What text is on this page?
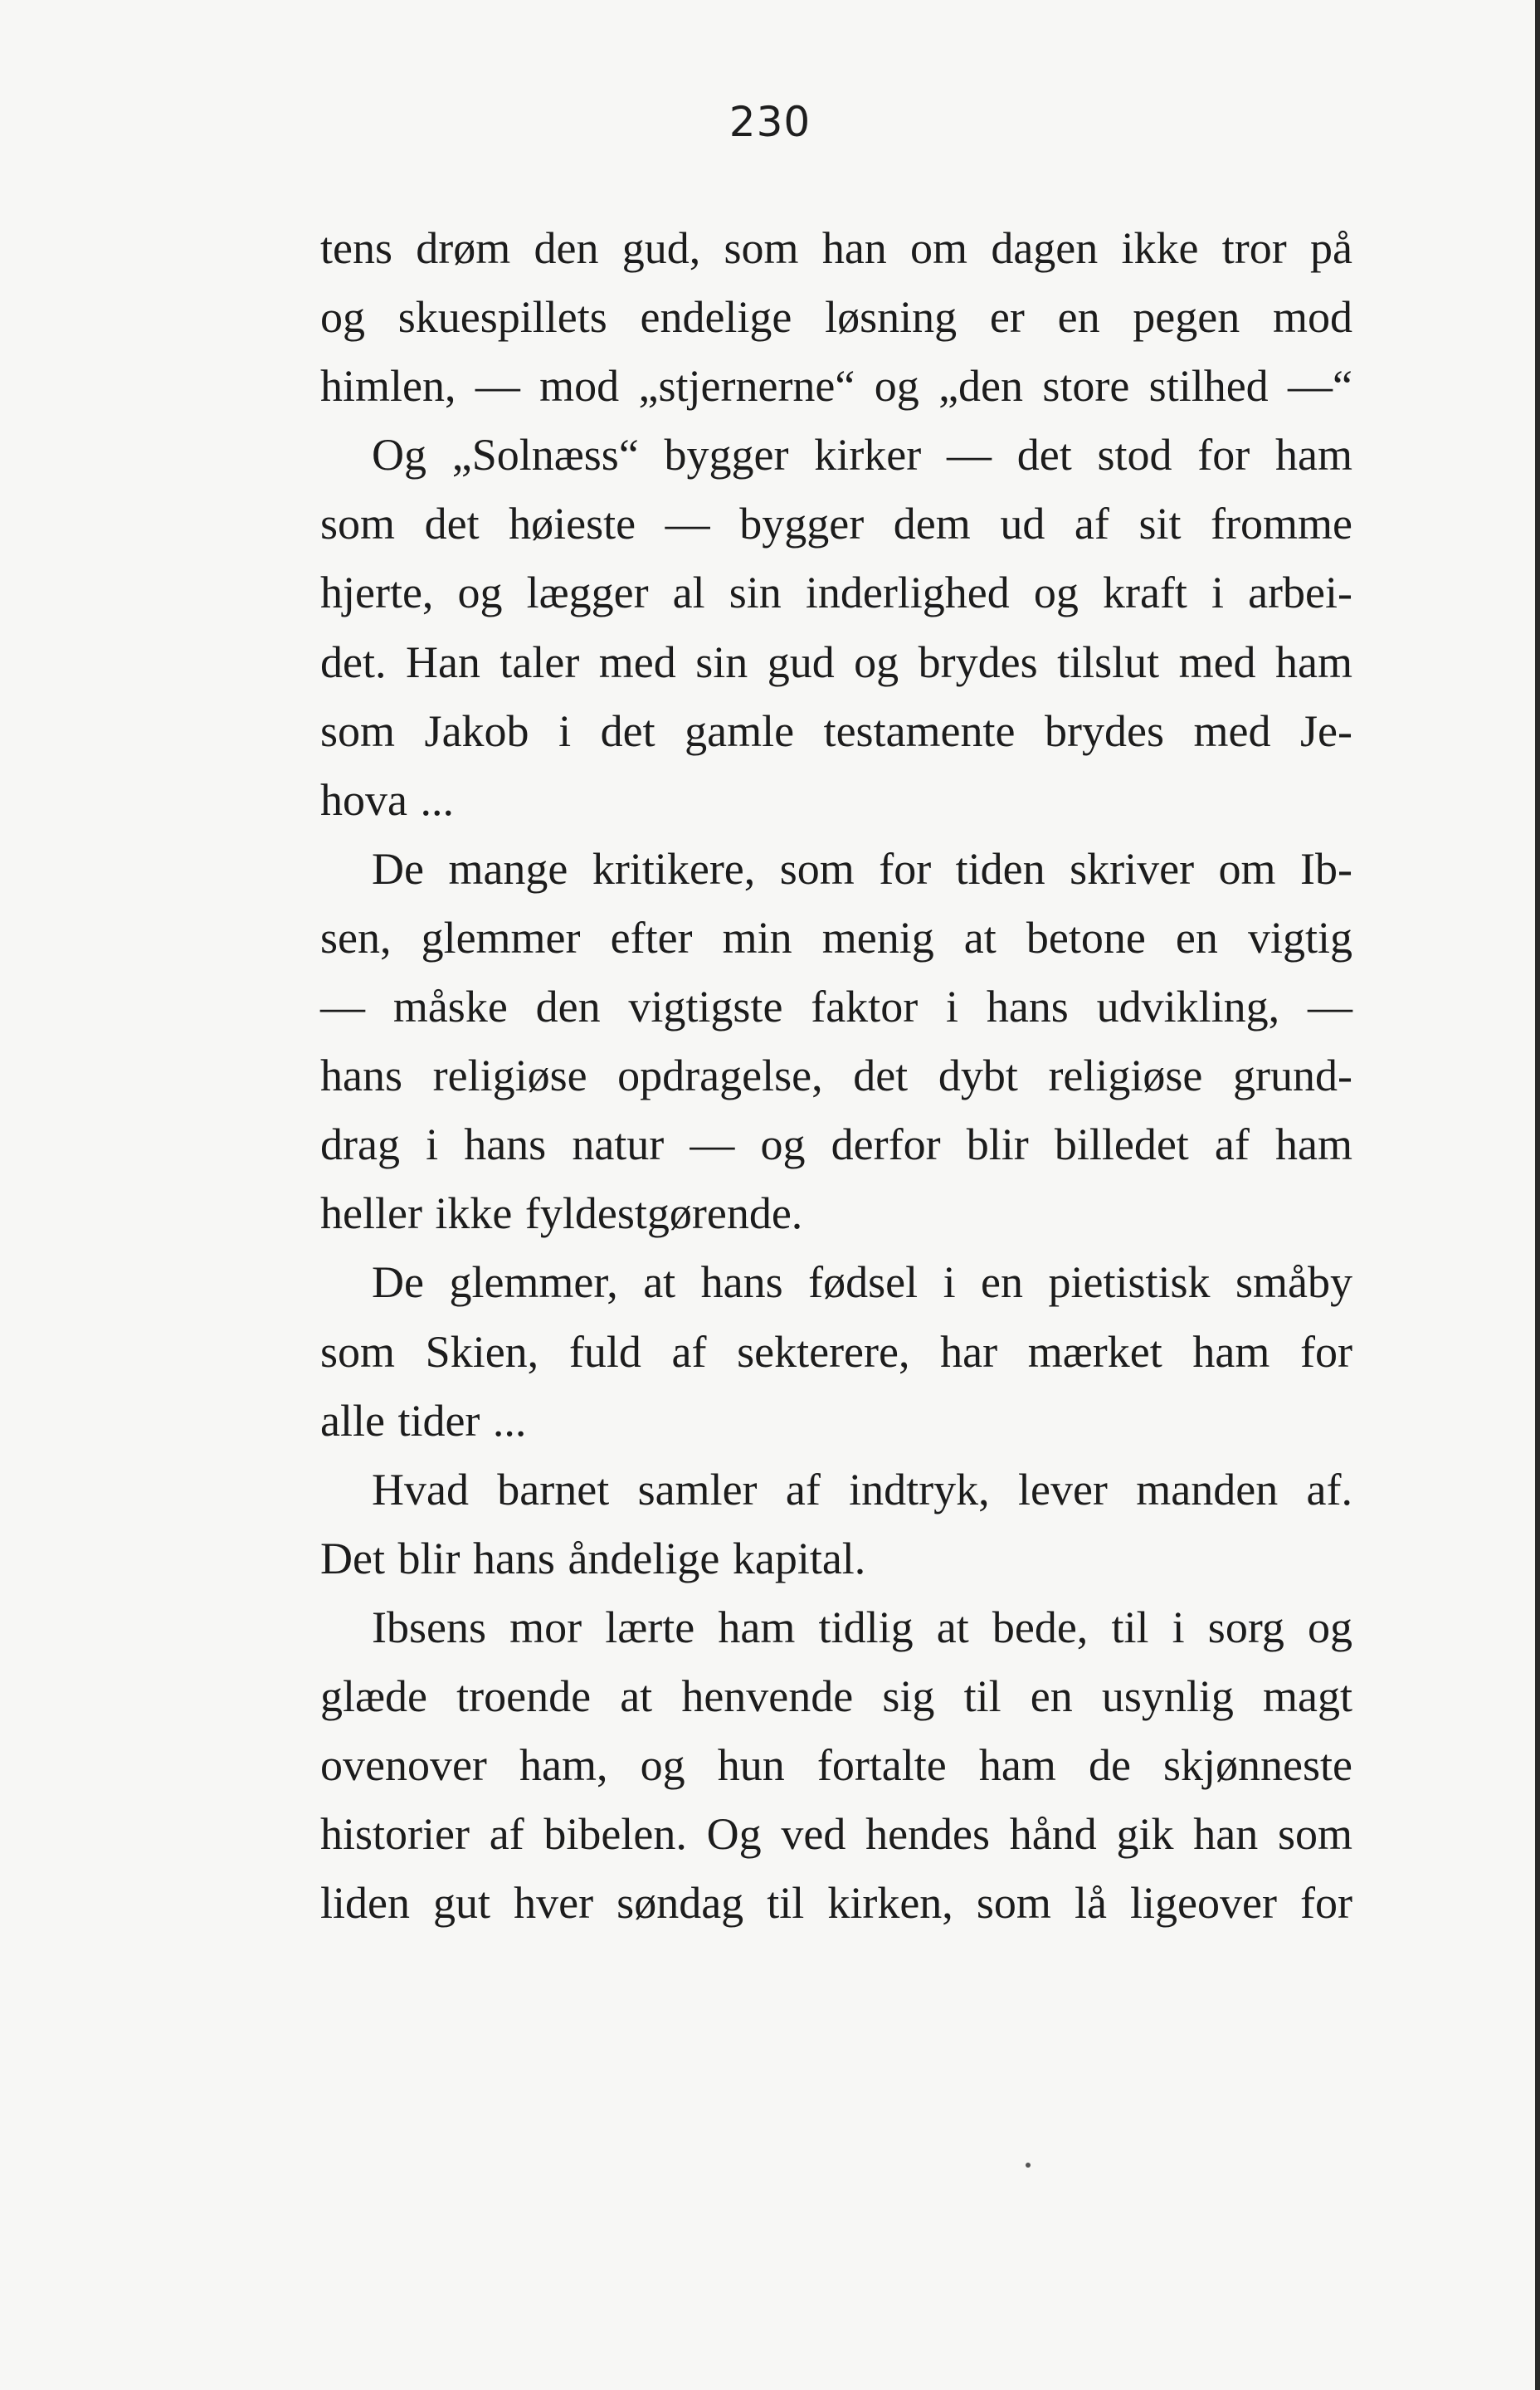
230
tens drøm den gud, som han om dagen ikke tror på
og skuespillets endelige løsning er en pegen mod
himlen, — mod „stjernerne“ og „den store stilhed —“
Og „Solnæss“ bygger kirker — det stod for ham
som det høieste — bygger dem ud af sit fromme
hjerte, og lægger al sin inderlighed og kraft i arbei-
det. Han taler med sin gud og brydes tilslut med ham
som Jakob i det gamle testamente brydes med Je-
hova ...
De mange kritikere, som for tiden skriver om Ib-
sen, glemmer efter min menig at betone en vigtig
— måske den vigtigste faktor i hans udvikling, —
hans religiøse opdragelse, det dybt religiøse grund-
drag i hans natur — og derfor blir billedet af ham
heller ikke fyldestgørende.
De glemmer, at hans fødsel i en pietistisk småby
som Skien, fuld af sekterere, har mærket ham for
alle tider ...
Hvad barnet samler af indtryk, lever manden af.
Det blir hans åndelige kapital.
Ibsens mor lærte ham tidlig at bede, til i sorg og
glæde troende at henvende sig til en usynlig magt
ovenover ham, og hun fortalte ham de skjønneste
historier af bibelen. Og ved hendes hånd gik han som
liden gut hver søndag til kirken, som lå ligeover for
